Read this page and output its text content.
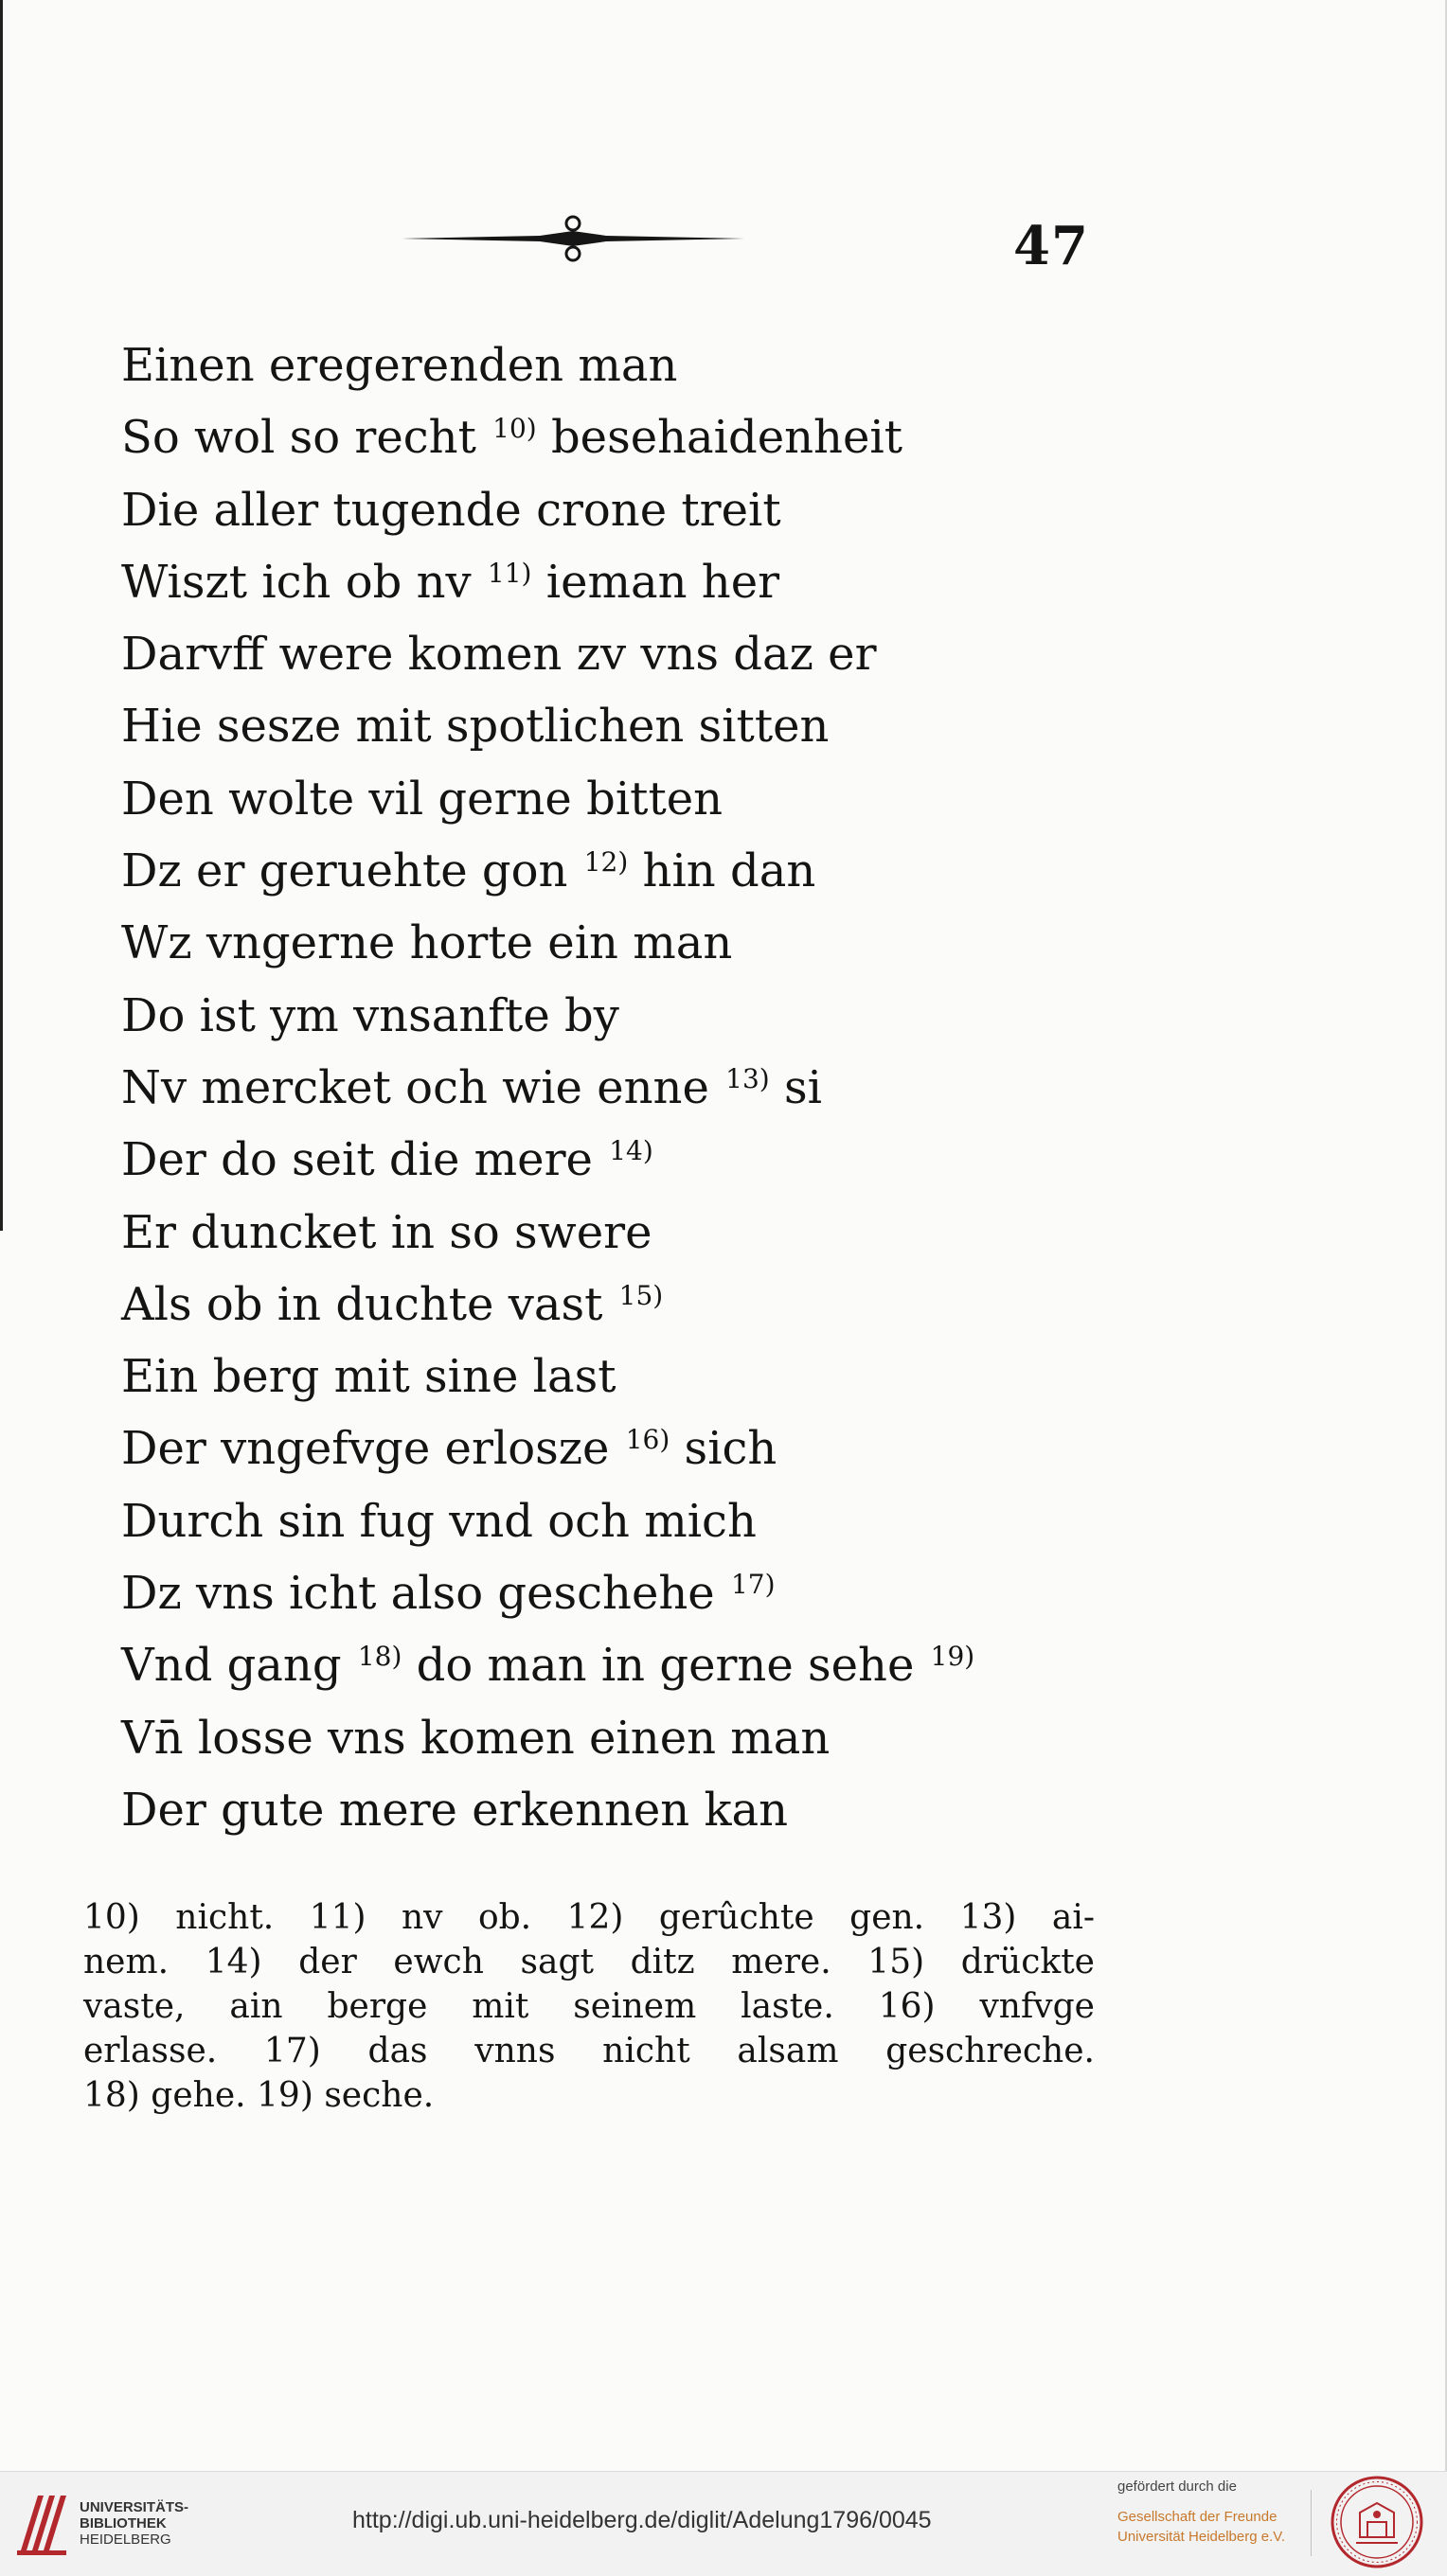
47
Einen eregerenden man
So wol so recht $^{10)}$ besehaidenheit
Die aller tugende crone treit
Wiszt ich ob nv $^{11)}$ ieman her
Darvff were komen zv vns daz er
Hie sesze mit spotlichen sitten
Den wolte vil gerne bitten
Dz er geruehte gon $^{12)}$ hin dan
Wz vngerne horte ein man
Do ist ym vnsanfte by
Nv mercket och wie enne $^{13)}$ si
Der do seit die mere $^{14)}$
Er duncket in so swere
Als ob in duchte vast $^{15)}$
Ein berg mit sine last
Der vngefvge erlosze $^{16)}$ sich
Durch sin fug vnd och mich
Dz vns icht also geschehe $^{17)}$
Vnd gang $^{18)}$ do man in gerne sehe $^{19)}$
Vn̄ losse vns komen einen man
Der gute mere erkennen kan
10) nicht. 11) nv ob. 12) gerûchte gen. 13) ai-
nem. 14) der ewch sagt ditz mere. 15) drückte
vaste, ain berge mit seinem laste. 16) vnfvge
erlasse. 17) das vnns nicht alsam geschreche.
18) gehe. 19) seche.
UNIVERSITÄTS-
BIBLIOTHEK
HEIDELBERG
http://digi.ub.uni-heidelberg.de/diglit/Adelung1796/0045
gefördert durch die
Gesellschaft der Freunde
Universität Heidelberg e.V.
